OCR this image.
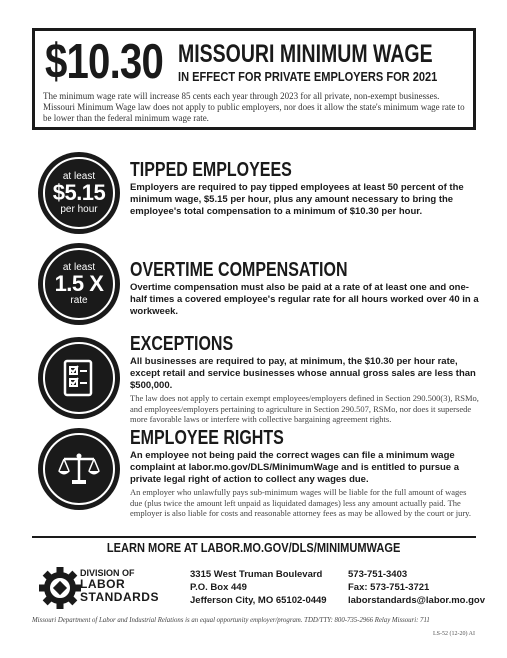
$10.30 MISSOURI MINIMUM WAGE
IN EFFECT FOR PRIVATE EMPLOYERS FOR 2021
The minimum wage rate will increase 85 cents each year through 2023 for all private, non-exempt businesses. Missouri Minimum Wage law does not apply to public employers, nor does it allow the state's minimum wage rate to be lower than the federal minimum wage rate.
at least
$5.15
per hour
TIPPED EMPLOYEES
Employers are required to pay tipped employees at least 50 percent of the minimum wage, $5.15 per hour, plus any amount necessary to bring the employee's total compensation to a minimum of $10.30 per hour.
at least
1.5 X
rate
OVERTIME COMPENSATION
Overtime compensation must also be paid at a rate of at least one and one-half times a covered employee's regular rate for all hours worked over 40 in a workweek.
EXCEPTIONS
All businesses are required to pay, at minimum, the $10.30 per hour rate, except retail and service businesses whose annual gross sales are less than $500,000.
The law does not apply to certain exempt employees/employers defined in Section 290.500(3), RSMo, and employees/employers pertaining to agriculture in Section 290.507, RSMo, nor does it supersede more favorable laws or interfere with collective bargaining agreement rights.
EMPLOYEE RIGHTS
An employee not being paid the correct wages can file a minimum wage complaint at labor.mo.gov/DLS/MinimumWage and is entitled to pursue a private legal right of action to collect any wages due.
An employer who unlawfully pays sub-minimum wages will be liable for the full amount of wages due (plus twice the amount left unpaid as liquidated damages) less any amount actually paid. The employer is also liable for costs and reasonable attorney fees as may be allowed by the court or jury.
LEARN MORE AT LABOR.MO.GOV/DLS/MINIMUMWAGE
DIVISION OF
LABOR
STANDARDS
3315 West Truman Boulevard
P.O. Box 449
Jefferson City, MO 65102-0449
573-751-3403
Fax: 573-751-3721
laborstandards@labor.mo.gov
Missouri Department of Labor and Industrial Relations is an equal opportunity employer/program. TDD/TTY: 800-735-2966 Relay Missouri: 711
LS-52 (12-20) AI
